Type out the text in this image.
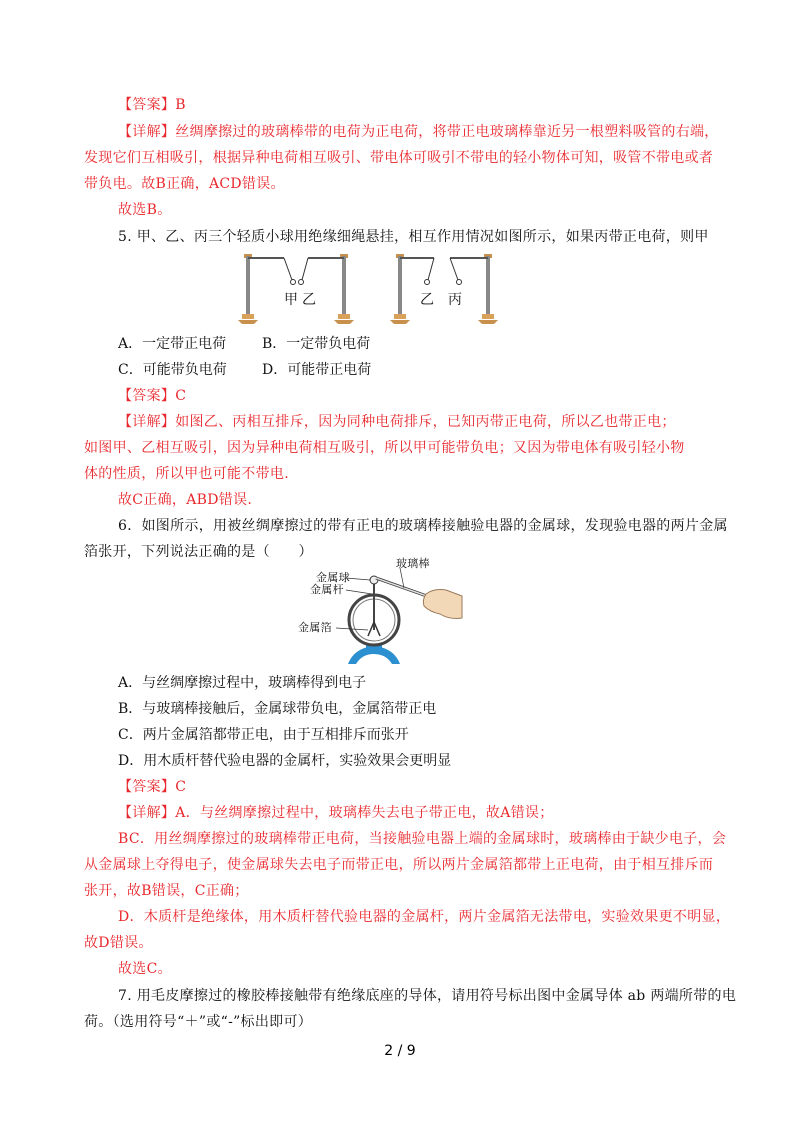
【答案】B
【详解】丝绸摩擦过的玻璃棒带的电荷为正电荷，将带正电玻璃棒靠近另一根塑料吸管的右端，
发现它们互相吸引，根据异种电荷相互吸引、带电体可吸引不带电的轻小物体可知，吸管不带电或者
带负电。故B正确，ACD错误。
故选B。
5. 甲、乙、丙三个轻质小球用绝缘细绳悬挂，相互作用情况如图所示，如果丙带正电荷，则甲
甲 乙	乙 丙
A．一定带正电荷	B．一定带负电荷
C．可能带负电荷	D．可能带正电荷
【答案】C
【详解】如图乙、丙相互排斥，因为同种电荷排斥，已知丙带正电荷，所以乙也带正电；
如图甲、乙相互吸引，因为异种电荷相互吸引，所以甲可能带负电；又因为带电体有吸引轻小物
体的性质，所以甲也可能不带电.
故C正确，ABD错误.
6．如图所示，用被丝绸摩擦过的带有正电的玻璃棒接触验电器的金属球，发现验电器的两片金属
箔张开，下列说法正确的是（　　）
玻璃棒
金属球
金属杆
金属箔
A．与丝绸摩擦过程中，玻璃棒得到电子
B．与玻璃棒接触后，金属球带负电，金属箔带正电
C．两片金属箔都带正电，由于互相排斥而张开
D．用木质杆替代验电器的金属杆，实验效果会更明显
【答案】C
【详解】A．与丝绸摩擦过程中，玻璃棒失去电子带正电，故A错误；
BC．用丝绸摩擦过的玻璃棒带正电荷，当接触验电器上端的金属球时，玻璃棒由于缺少电子，会
从金属球上夺得电子，使金属球失去电子而带正电，所以两片金属箔都带上正电荷，由于相互排斥而
张开，故B错误，C正确；
D．木质杆是绝缘体，用木质杆替代验电器的金属杆，两片金属箔无法带电，实验效果更不明显，
故D错误。
故选C。
7. 用毛皮摩擦过的橡胶棒接触带有绝缘底座的导体，请用符号标出图中金属导体 ab 两端所带的电
荷。（选用符号“＋”或“-”标出即可）
2 / 9
